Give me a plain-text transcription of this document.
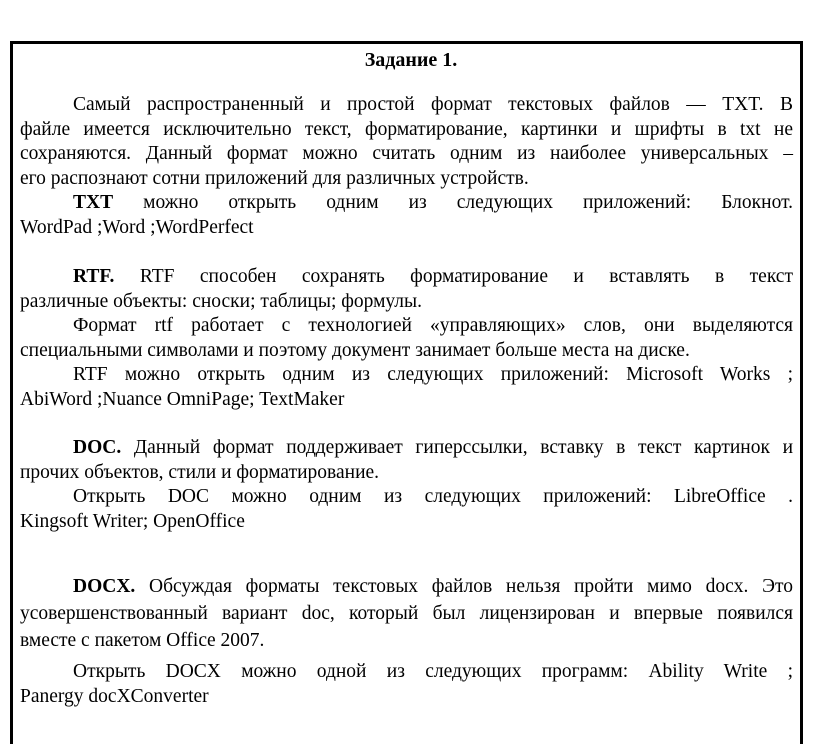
Задание 1.
Самый распространенный и простой формат текстовых файлов — TXT. В
файле имеется исключительно текст, форматирование, картинки и шрифты в txt не
сохраняются. Данный формат можно считать одним из наиболее универсальных –
его распознают сотни приложений для различных устройств.
TXT можно открыть одним из следующих приложений: Блокнот.
WordPad ;Word ;WordPerfect
RTF. RTF способен сохранять форматирование и вставлять в текст
различные объекты: сноски; таблицы; формулы.
Формат rtf работает с технологией «управляющих» слов, они выделяются
специальными символами и поэтому документ занимает больше места на диске.
RTF можно открыть одним из следующих приложений: Microsoft Works ;
AbiWord ;Nuance OmniPage; TextMaker
DOC. Данный формат поддерживает гиперссылки, вставку в текст картинок и
прочих объектов, стили и форматирование.
Открыть DOC можно одним из следующих приложений: LibreOffice .
Kingsoft Writer; OpenOffice
DOCX. Обсуждая форматы текстовых файлов нельзя пройти мимо docx. Это
усовершенствованный вариант doc, который был лицензирован и впервые появился
вместе с пакетом Office 2007.
Открыть DOCX можно одной из следующих программ: Ability Write ;
Panergy docXConverter
